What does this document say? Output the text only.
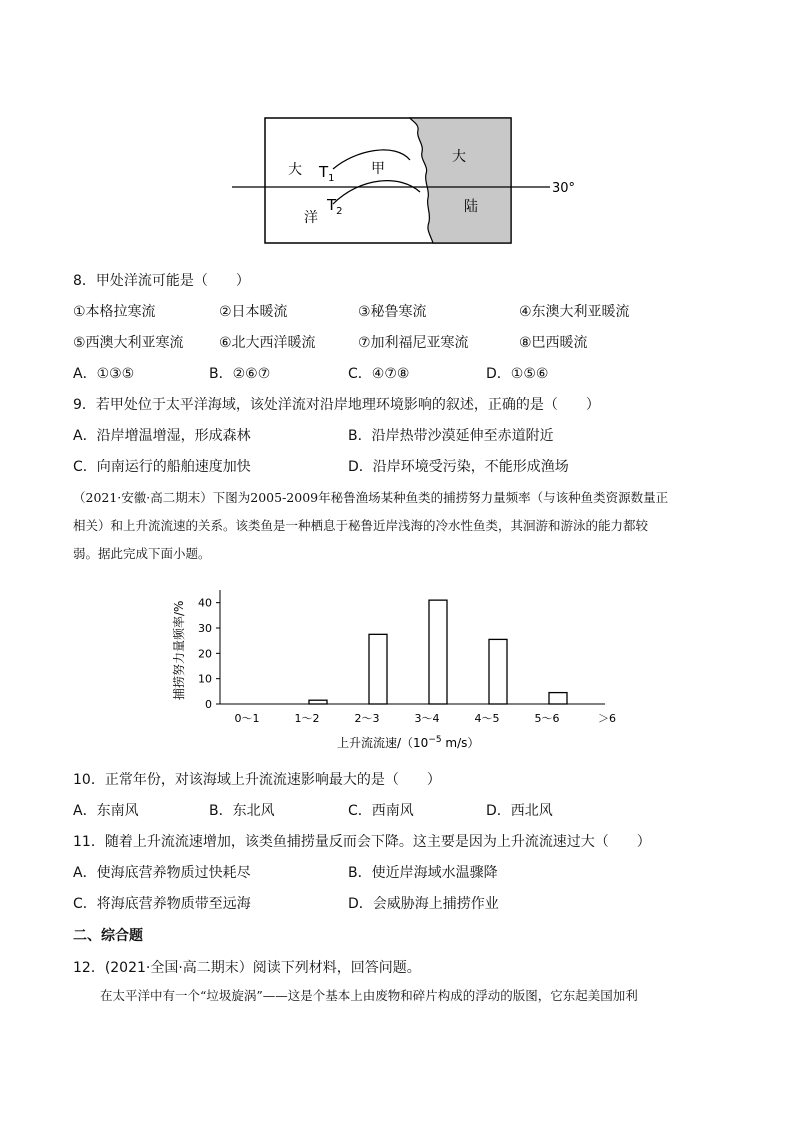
大
洋
$T_1$
$T_2$
甲
大
陆
30°
8．甲处洋流可能是（　　）
①本格拉寒流	②日本暖流	③秘鲁寒流	④东澳大利亚暖流
⑤西澳大利亚寒流	⑥北大西洋暖流	⑦加利福尼亚寒流	⑧巴西暖流
A．①③⑤	B．②⑥⑦	C．④⑦⑧	D．①⑤⑥
9．若甲处位于太平洋海域，该处洋流对沿岸地理环境影响的叙述，正确的是（　　）
A．沿岸增温增湿，形成森林	B．沿岸热带沙漠延伸至赤道附近
C．向南运行的船舶速度加快	D．沿岸环境受污染，不能形成渔场
（2021·安徽·高二期末）下图为2005-2009年秘鲁渔场某种鱼类的捕捞努力量频率（与该种鱼类资源数量正
相关）和上升流流速的关系。该类鱼是一种栖息于秘鲁近岸浅海的冷水性鱼类，其洄游和游泳的能力都较
弱。据此完成下面小题。
0
10
20
30
40
0～1	1～2	2～3	3～4	4～5	5～6	＞6
捕捞努力量频率/%
上升流流速$/(10^{-5}$ m/s）
10．正常年份，对该海域上升流流速影响最大的是（　　）
A．东南风	B．东北风	C．西南风	D．西北风
11．随着上升流流速增加，该类鱼捕捞量反而会下降。这主要是因为上升流流速过大（　　）
A．使海底营养物质过快耗尽	B．使近岸海域水温骤降
C．将海底营养物质带至远海	D．会威胁海上捕捞作业
二、综合题
12．(2021·全国·高二期末）阅读下列材料，回答问题。
在太平洋中有一个“垃圾旋涡”——这是个基本上由废物和碎片构成的浮动的版图，它东起美国加利
